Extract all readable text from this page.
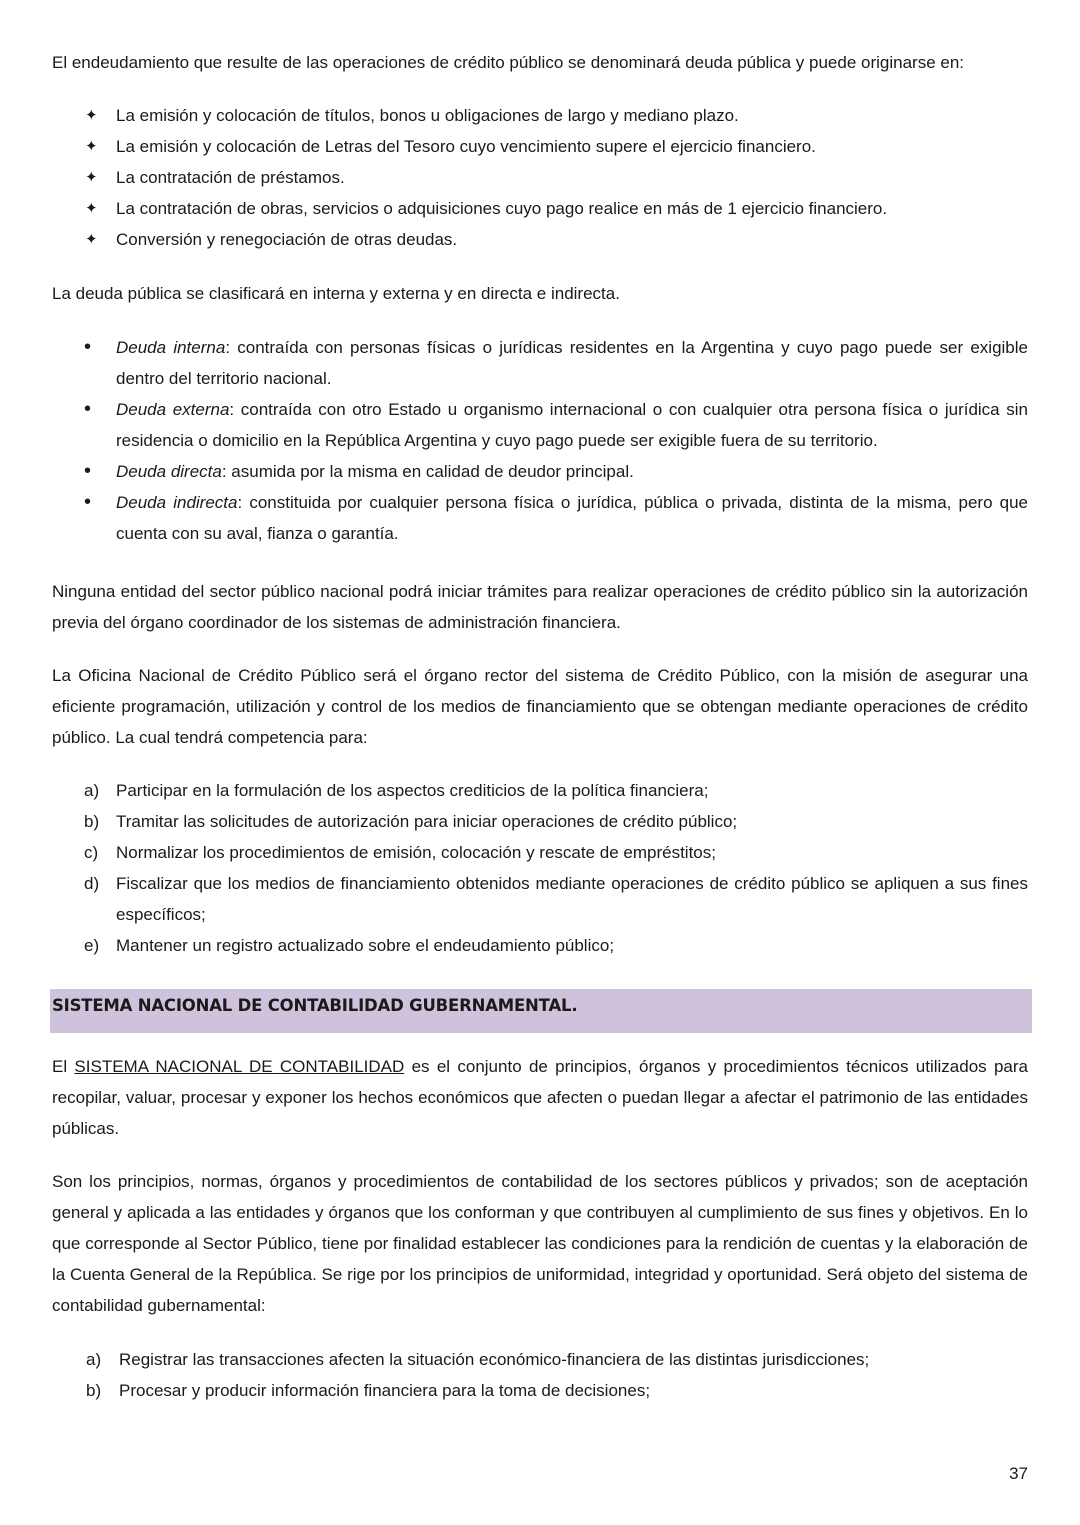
El endeudamiento que resulte de las operaciones de crédito público se denominará deuda pública y puede originarse en:

✦	La emisión y colocación de títulos, bonos u obligaciones de largo y mediano plazo.
✦	La emisión y colocación de Letras del Tesoro cuyo vencimiento supere el ejercicio financiero.
✦	La contratación de préstamos.
✦	La contratación de obras, servicios o adquisiciones cuyo pago realice en más de 1 ejercicio financiero.
✦	Conversión y renegociación de otras deudas.

La deuda pública se clasificará en interna y externa y en directa e indirecta.

•	Deuda interna: contraída con personas físicas o jurídicas residentes en la Argentina y cuyo pago puede ser exigible dentro del territorio nacional.
•	Deuda externa: contraída con otro Estado u organismo internacional o con cualquier otra persona física o jurídica sin residencia o domicilio en la República Argentina y cuyo pago puede ser exigible fuera de su territorio.
•	Deuda directa: asumida por la misma en calidad de deudor principal.
•	Deuda indirecta: constituida por cualquier persona física o jurídica, pública o privada, distinta de la misma, pero que cuenta con su aval, fianza o garantía.

Ninguna entidad del sector público nacional podrá iniciar trámites para realizar operaciones de crédito público sin la autorización previa del órgano coordinador de los sistemas de administración financiera.

La Oficina Nacional de Crédito Público será el órgano rector del sistema de Crédito Público, con la misión de asegurar una eficiente programación, utilización y control de los medios de financiamiento que se obtengan mediante operaciones de crédito público. La cual tendrá competencia para:

a) Participar en la formulación de los aspectos crediticios de la política financiera;
b) Tramitar las solicitudes de autorización para iniciar operaciones de crédito público;
c)	Normalizar los procedimientos de emisión, colocación y rescate de empréstitos;
d) Fiscalizar que los medios de financiamiento obtenidos mediante operaciones de crédito público se apliquen a sus fines específicos;
e) Mantener un registro actualizado sobre el endeudamiento público;
SISTEMA NACIONAL DE CONTABILIDAD GUBERNAMENTAL.

El SISTEMA NACIONAL DE CONTABILIDAD es el conjunto de principios, órganos y procedimientos técnicos utilizados para recopilar, valuar, procesar y exponer los hechos económicos que afecten o puedan llegar a afectar el patrimonio de las entidades públicas.

Son los principios, normas, órganos y procedimientos de contabilidad de los sectores públicos y privados; son de aceptación general y aplicada a las entidades y órganos que los conforman y que contribuyen al cumplimiento de sus fines y objetivos. En lo que corresponde al Sector Público, tiene por finalidad establecer las condiciones para la rendición de cuentas y la elaboración de la Cuenta General de la República. Se rige por los principios de uniformidad, integridad y oportunidad. Será objeto del sistema de contabilidad gubernamental:

a)	Registrar las transacciones afecten la situación económico-financiera de las distintas jurisdicciones;
b)	Procesar y producir información financiera para la toma de decisiones;

37
